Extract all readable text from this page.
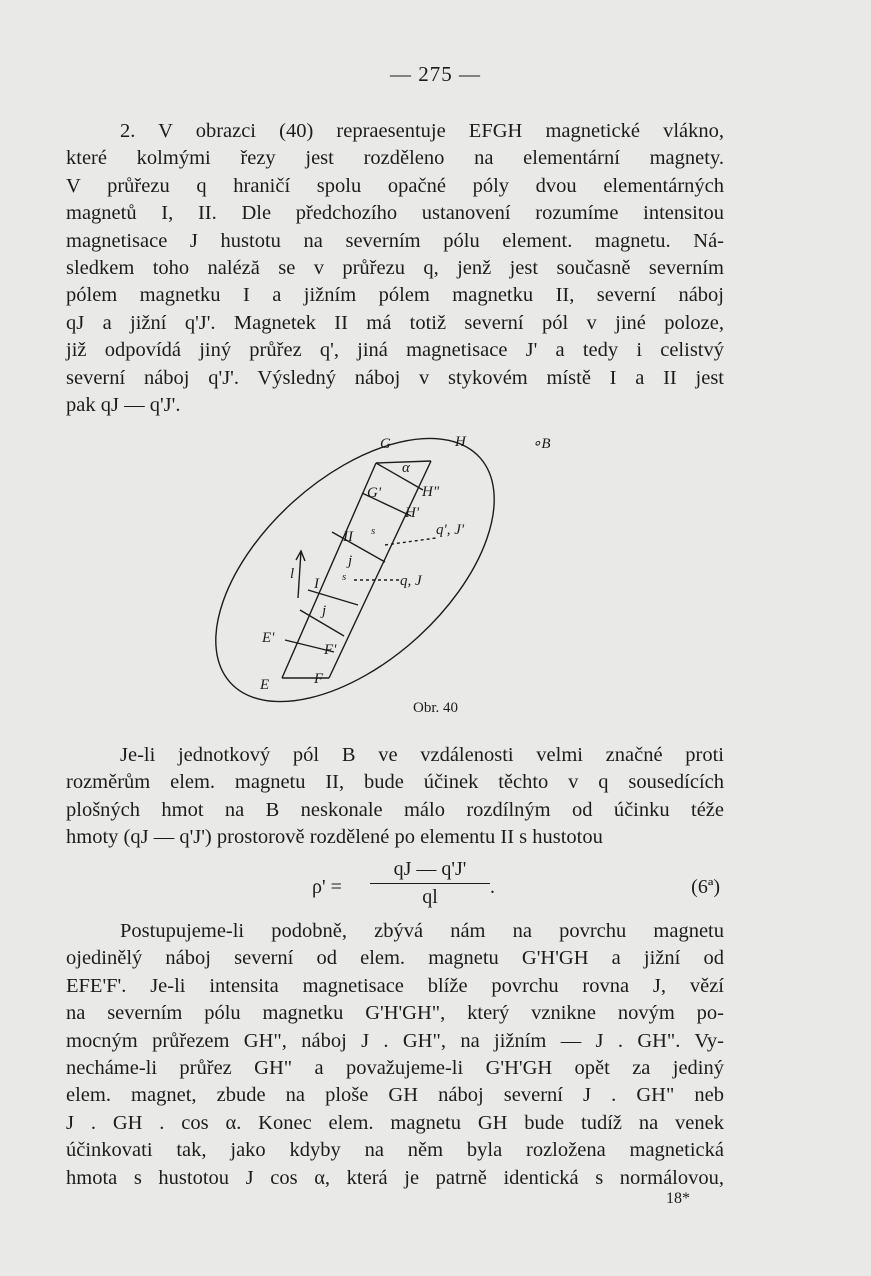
— 275 —
2. V obrazci (40) repraesentuje EFGH magnetické vlákno,
které kolmými řezy jest rozděleno na elementární magnety.
V průřezu q hraničí spolu opačné póly dvou elementárných
magnetů I, II. Dle předchozího ustanovení rozumíme intensitou
magnetisace J hustotu na severním pólu element. magnetu. Ná-
sledkem toho naléză se v průřezu q, jenž jest současně severním
pólem magnetku I a jižním pólem magnetku II, severní náboj
qJ a jižní q'J'. Magnetek II má totiž severní pól v jiné poloze,
již odpovídá jiný průřez q', jiná magnetisace J' a tedy i celistvý
severní náboj q'J'. Výsledný náboj v stykovém místě I a II jest
pak qJ — q'J'.
G	H	∘B
α
G'	H"
H'
II s	q', J'
j
l
I s	q, J
j
E'
F'
E	F
Obr. 40
Je-li jednotkový pól B ve vzdálenosti velmi značné proti
rozměrům elem. magnetu II, bude účinek těchto v q sousedících
plošných hmot na B neskonale málo rozdílným od účinku téže
hmoty (qJ — q'J') prostorově rozdělené po elementu II s hustotou
$\rho' = \frac{qJ — q'J'}{ql}$ .	(6ª)
Postupujeme-li podobně, zbývá nám na povrchu magnetu
ojedinělý náboj severní od elem. magnetu G'H'GH a jižní od
EFE'F'. Je-li intensita magnetisace blíže povrchu rovna J, vězí
na severním pólu magnetku G'H'GH", který vznikne novým po-
mocným průřezem GH", náboj J . GH", na jižním — J . GH". Vy-
necháme-li průřez GH" a považujeme-li G'H'GH opět za jediný
elem. magnet, zbude na ploše GH náboj severní J . GH" neb
J . GH . cos α. Konec elem. magnetu GH bude tudíž na venek
účinkovati tak, jako kdyby na něm byla rozložena magnetická
hmota s hustotou J cos α, která je patrně identická s normálovou,
18*
